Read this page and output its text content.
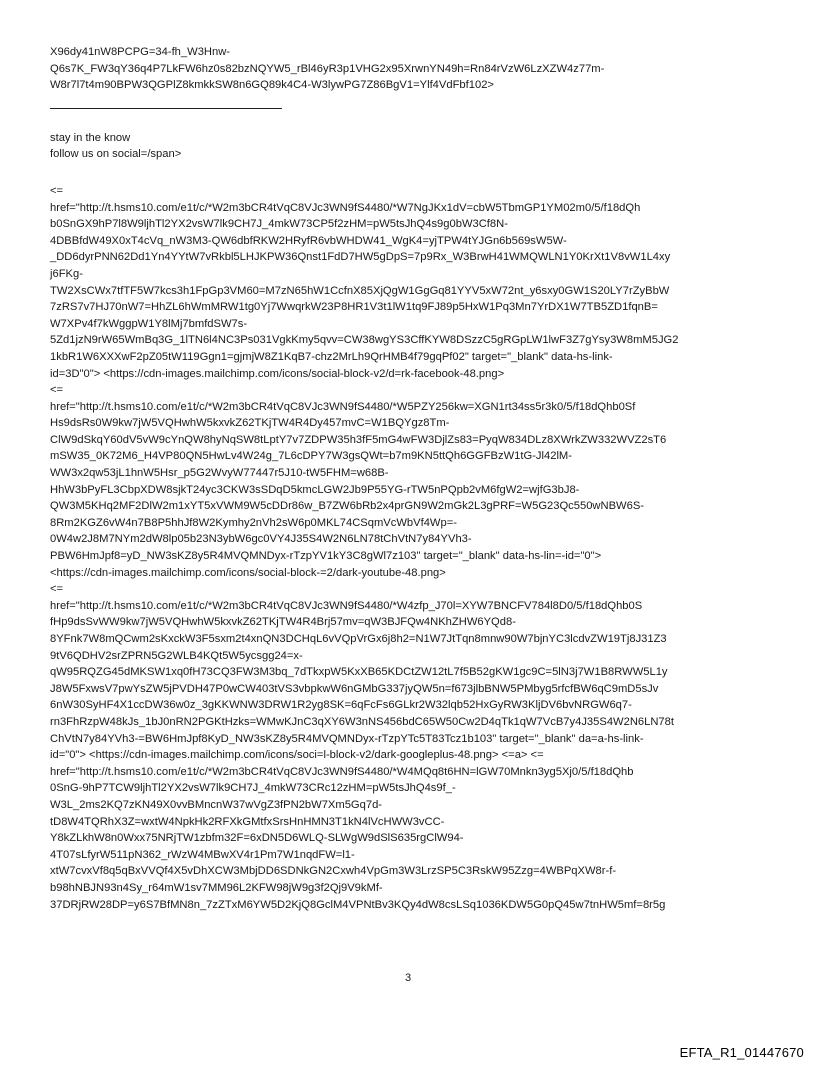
X96dy41nW8PCPG=34-fh_W3Hnw-

Q6s7K_FW3qY36q4P7LkFW6hz0s82bzNQYW5_rBl46yR3p1VHG2x95XrwnYN49h=Rn84rVzW6LzXZW4z77m-

W8r7l7t4m90BPW3QGPlZ8kmkkSW8n6GQ89k4C4-W3lywPG7Z86BgV1=Ylf4VdFbf102>

stay in the know

follow us on social=/span>

<=

href="http://t.hsms10.com/e1t/c/*W2m3bCR4tVqC8VJc3WN9fS4480/*W7NgJKx1dV=cbW5TbmGP1YM02m0/5/f18dQh

b0SnGX9hP7l8W9ljhTl2YX2vsW7lk9CH7J_4mkW73CP5f2zHM=pW5tsJhQ4s9g0bW3Cf8N-

4DBBfdW49X0xT4cVq_nW3M3-QW6dbfRKW2HRyfR6vbWHDW41_WgK4=yjTPW4tYJGn6b569sW5W-

_DD6dyrPNN62Dd1Yn4YYtW7vRkbl5LHJKPW36Qnst1FdD7HW5gDpS=7p9Rx_W3BrwH41WMQWLN1Y0KrXt1V8vW1L4xy

j6FKg-

TW2XsCWx7tfTF5W7kcs3h1FpGp3VM60=M7zN65hW1CcfnX85XjQgW1GgGq81YYV5xW72nt_y6sxy0GW1S20LY7rZyBbW

7zRS7v7HJ70nW7=HhZL6hWmMRW1tg0Yj7WwqrkW23P8HR1V3t1lW1tq9FJ89p5HxW1Pq3Mn7YrDX1W7TB5ZD1fqnB=

W7XPv4f7kWggpW1Y8lMj7bmfdSW7s-

5Zd1jzN9rW65WmBq3G_1lTN6l4NC3Ps031VgkKmy5qvv=CW38wgYS3CffKYW8DSzzC5gRGpLW1lwF3Z7gYsy3W8mM5JG2

1kbR1W6XXXwF2pZ05tW119Ggn1=gjmjW8Z1KqB7-chz2MrLh9QrHMB4f79gqPf02" target="_blank" data-hs-link-

id=3D"0"> <https://cdn-images.mailchimp.com/icons/social-block-v2/d=rk-facebook-48.png>

<=

href="http://t.hsms10.com/e1t/c/*W2m3bCR4tVqC8VJc3WN9fS4480/*W5PZY256kw=XGN1rt34ss5r3k0/5/f18dQhb0Sf

Hs9dsRs0W9kw7jW5VQHwhW5kxvkZ62TKjTW4R4Dy457mvC=W1BQYgz8Tm-

ClW9dSkqY60dV5vW9cYnQW8hyNqSW8tLptY7v7ZDPW35h3fF5mG4wFW3DjlZs83=PyqW834DLz8XWrkZW332WVZ2sT6

mSW35_0K72M6_H4VP80QN5HwLv4W24g_7L6cDPY7W3gsQWt=b7m9KN5ttQh6GGFBzW1tG-Jl42lM-

WW3x2qw53jL1hnW5Hsr_p5G2WvyW77447r5J10-tW5FHM=w68B-

HhW3bPyFL3CbpXDW8sjkT24yc3CKW3sSDqD5kmcLGW2Jb9P55YG-rTW5nPQpb2vM6fgW2=wjfG3bJ8-

QW3M5KHq2MF2DlW2m1xYT5xVWM9W5cDDr86w_B7ZW6bRb2x4prGN9W2mGk2L3gPRF=W5G23Qc550wNBW6S-

8Rm2KGZ6vW4n7B8P5hhJf8W2Kymhy2nVh2sW6p0MKL74CSqmVcWbVf4Wp=-

0W4w2J8M7NYm2dW8lp05b23N3ybW6gc0VY4J35S4W2N6LN78tChVtN7y84YVh3-

PBW6HmJpf8=yD_NW3sKZ8y5R4MVQMNDyx-rTzpYV1kY3C8gWl7z103" target="_blank" data-hs-lin=-id="0">

<https://cdn-images.mailchimp.com/icons/social-block-=2/dark-youtube-48.png>

<=

href="http://t.hsms10.com/e1t/c/*W2m3bCR4tVqC8VJc3WN9fS4480/*W4zfp_J70l=XYW7BNCFV784l8D0/5/f18dQhb0S

fHp9dsSvWW9kw7jW5VQHwhW5kxvkZ62TKjTW4R4Brj57mv=qW3BJFQw4NKhZHW6YQd8-

8YFnk7W8mQCwm2sKxckW3F5sxm2t4xnQN3DCHqL6vVQpVrGx6j8h2=N1W7JtTqn8mnw90W7bjnYC3lcdvZW19Tj8J31Z3

9tV6QDHV2srZPRN5G2WLB4KQt5W5ycsgg24=x-

qW95RQZG45dMKSW1xq0fH73CQ3FW3M3bq_7dTkxpW5KxXB65KDCtZW12tL7f5B52gKW1gc9C=5lN3j7W1B8RWW5L1y

J8W5FxwsV7pwYsZW5jPVDH47P0wCW403tVS3vbpkwW6nGMbG337jyQW5n=f673jlbBNW5PMbyg5rfcfBW6qC9mD5sJv

6nW30SyHF4X1ccDW36w0z_3gKKWNW3DRW1R2yg8SK=6qFcFs6GLkr2W32lqb52HxGyRW3KljDV6bvNRGW6q7-

rn3FhRzpW48kJs_1bJ0nRN2PGKtHzks=WMwKJnC3qXY6W3nNS456bdC65W50Cw2D4qTk1qW7VcB7y4J35S4W2N6LN78t

ChVtN7y84YVh3-=BW6HmJpf8KyD_NW3sKZ8y5R4MVQMNDyx-rTzpYTc5T83Tcz1b103" target="_blank" da=a-hs-link-

id="0"> <https://cdn-images.mailchimp.com/icons/soci=l-block-v2/dark-googleplus-48.png> <=a> <=

href="http://t.hsms10.com/e1t/c/*W2m3bCR4tVqC8VJc3WN9fS4480/*W4MQq8t6HN=lGW70Mnkn3yg5Xj0/5/f18dQhb

0SnG-9hP7TCW9ljhTl2YX2vsW7lk9CH7J_4mkW73CRc12zHM=pW5tsJhQ4s9f_-

W3L_2ms2KQ7zKN49X0vvBMncnW37wVgZ3fPN2bW7Xm5Gq7d-

tD8W4TQRhX3Z=wxtW4NpkHk2RFXkGMtfxSrsHnHMN3T1kN4lVcHWW3vCC-

Y8kZLkhW8n0Wxx75NRjTW1zbfm32F=6xDN5D6WLQ-SLWgW9dSlS635rgClW94-

4T07sLfyrW511pN362_rWzW4MBwXV4r1Pm7W1nqdFW=l1-

xtW7cvxVf8q5qBxVVQf4X5vDhXCW3MbjDD6SDNkGN2Cxwh4VpGm3W3LrzSP5C3RskW95Zzg=4WBPqXW8r-f-

b98hNBJN93n4Sy_r64mW1sv7MM96L2KFW98jW9g3f2Qj9V9kMf-

37DRjRW28DP=y6S7BfMN8n_7zZTxM6YW5D2KjQ8GclM4VPNtBv3KQy4dW8csLSq1036KDW5G0pQ45w7tnHW5mf=8r5g

3
EFTA_R1_01447670
